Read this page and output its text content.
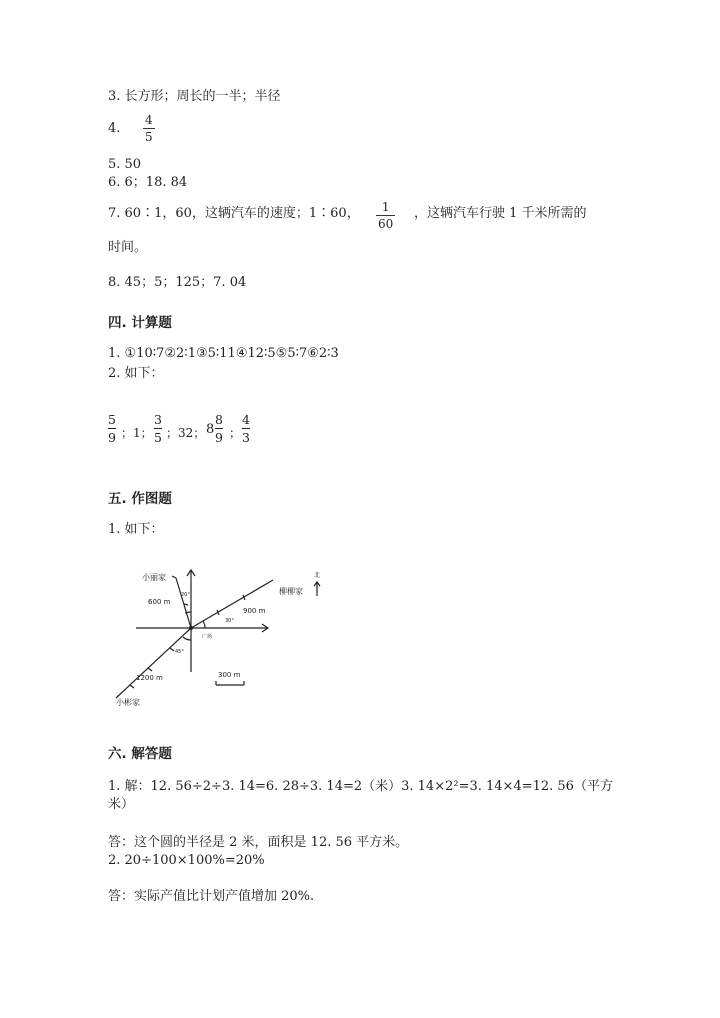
3. 长方形；周长的一半；半径
4.
4
5
5. 50
6. 6；18. 84
7. 60∶1，60，这辆汽车的速度；1∶60，	1
60
，这辆汽车行驶 1 千米所需的
时间。
8. 45；5；125；7. 04
四. 计算题
1. ①10∶7②2∶1③5∶11④12∶5⑤5∶7⑥2∶3
2. 如下：
5
9 ；1；
3
5 ；32； 8
8
9 ；
4
3
五. 作图题
1. 如下：
小丽家
柳柳家
小彬家
600 m
900 m
1200 m
20°
30°
45°
广场
300 m
北
六. 解答题
1. 解：12. 56÷2÷3. 14=6. 28÷3. 14=2（米）3. 14×2²=3. 14×4=12. 56（平方
米）
答：这个圆的半径是 2 米，面积是 12. 56 平方米。
2. 20÷100×100%=20%
答：实际产值比计划产值增加 20%.
